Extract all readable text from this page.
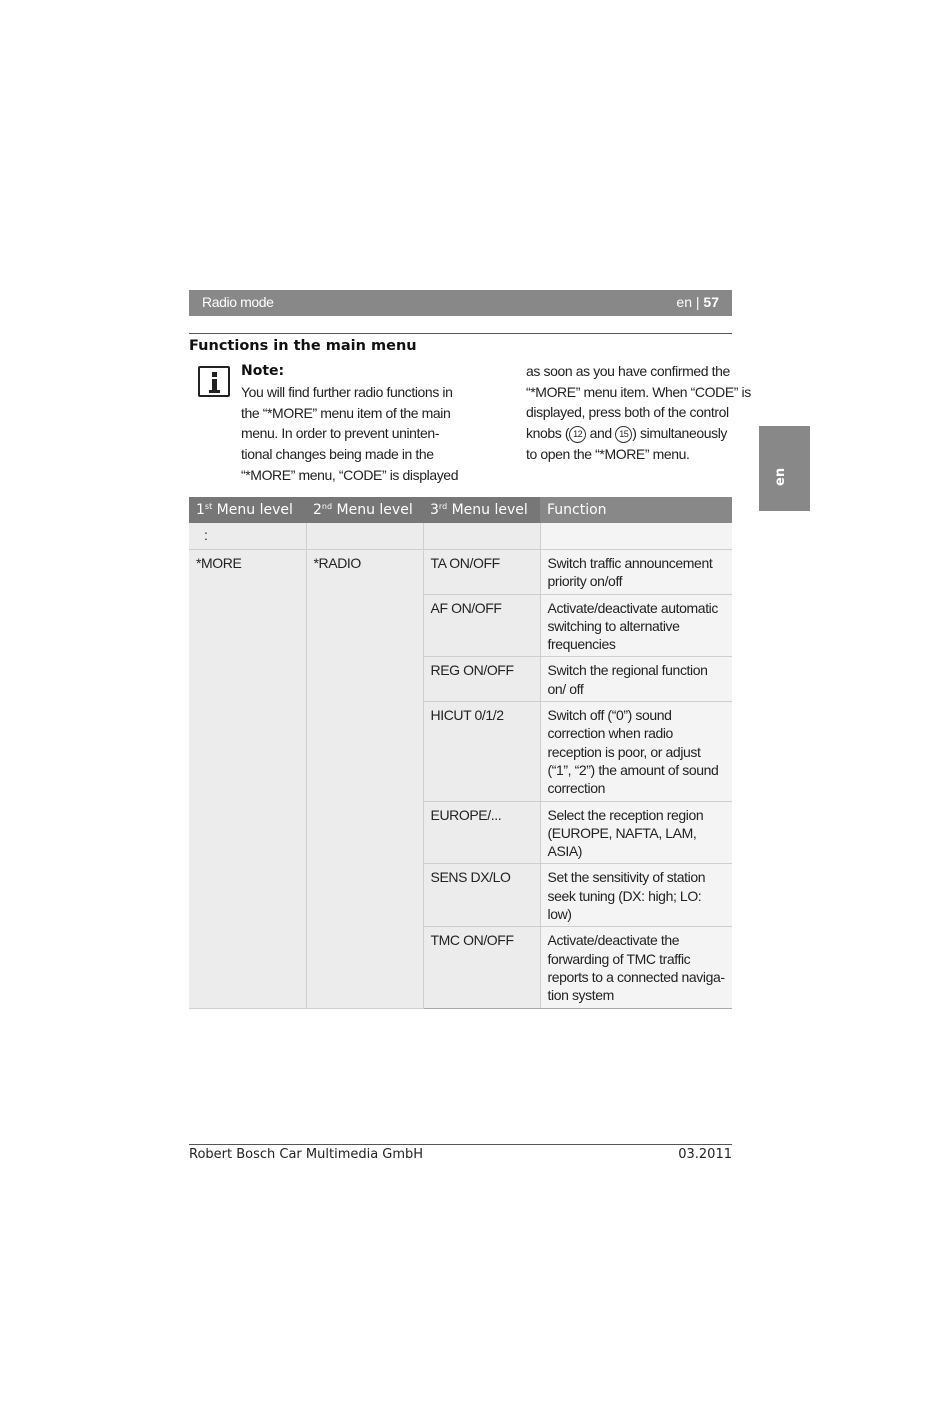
Radio mode	en | 57
Functions in the main menu
Note:
You will find further radio functions in
the “*MORE” menu item of the main
menu. In order to prevent uninten-
tional changes being made in the
“*MORE” menu, “CODE” is displayed
as soon as you have confirmed the
“*MORE” menu item. When “CODE” is
displayed, press both of the control
knobs ( 12 and 15 ) simultaneously
to open the “*MORE” menu.
en
1st Menu level	2nd Menu level	3rd Menu level	Function
:			
*MORE	*RADIO	TA ON/OFF	Switch traffic announcement priority on/off
		AF ON/OFF	Activate/deactivate automatic switching to alternative frequencies
		REG ON/OFF	Switch the regional function on/ off
		HICUT 0/1/2	Switch off (“0”) sound correction when radio reception is poor, or adjust (“1”, “2”) the amount of sound correction
		EUROPE/...	Select the reception region (EUROPE, NAFTA, LAM, ASIA)
		SENS DX/LO	Set the sensitivity of station seek tuning (DX: high; LO: low)
		TMC ON/OFF	Activate/deactivate the forwarding of TMC traffic reports to a connected naviga- tion system
Robert Bosch Car Multimedia GmbH	03.2011
